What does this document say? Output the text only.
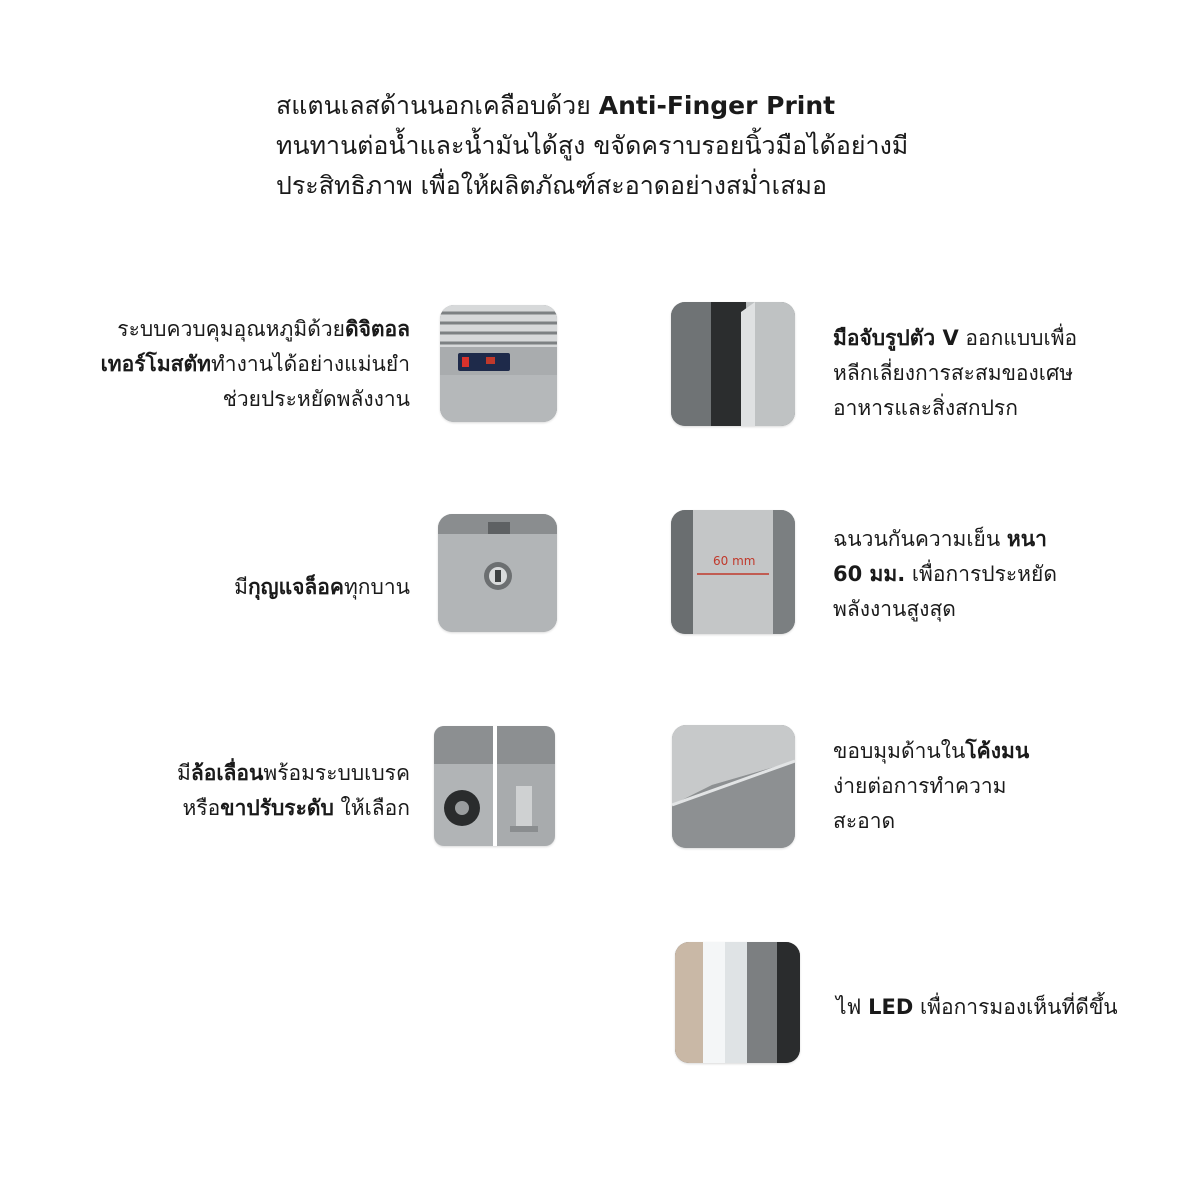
สแตนเลสด้านนอกเคลือบด้วย Anti-Finger Print
ทนทานต่อน้ำและน้ำมันได้สูง ขจัดคราบรอยนิ้วมือได้อย่างมี
ประสิทธิภาพ เพื่อให้ผลิตภัณฑ์สะอาดอย่างสม่ำเสมอ
ระบบควบคุมอุณหภูมิด้วยดิจิตอล
เทอร์โมสตัททำงานได้อย่างแม่นยำ
ช่วยประหยัดพลังงาน
มือจับรูปตัว V ออกแบบเพื่อ
หลีกเลี่ยงการสะสมของเศษ
อาหารและสิ่งสกปรก
มีกุญแจล็อคทุกบาน
60 mm
ฉนวนกันความเย็น หนา
60 มม. เพื่อการประหยัด
พลังงานสูงสุด
มีล้อเลื่อนพร้อมระบบเบรค
หรือขาปรับระดับ ให้เลือก
ขอบมุมด้านในโค้งมน
ง่ายต่อการทำความ
สะอาด
ไฟ LED เพื่อการมองเห็นที่ดีขึ้น
